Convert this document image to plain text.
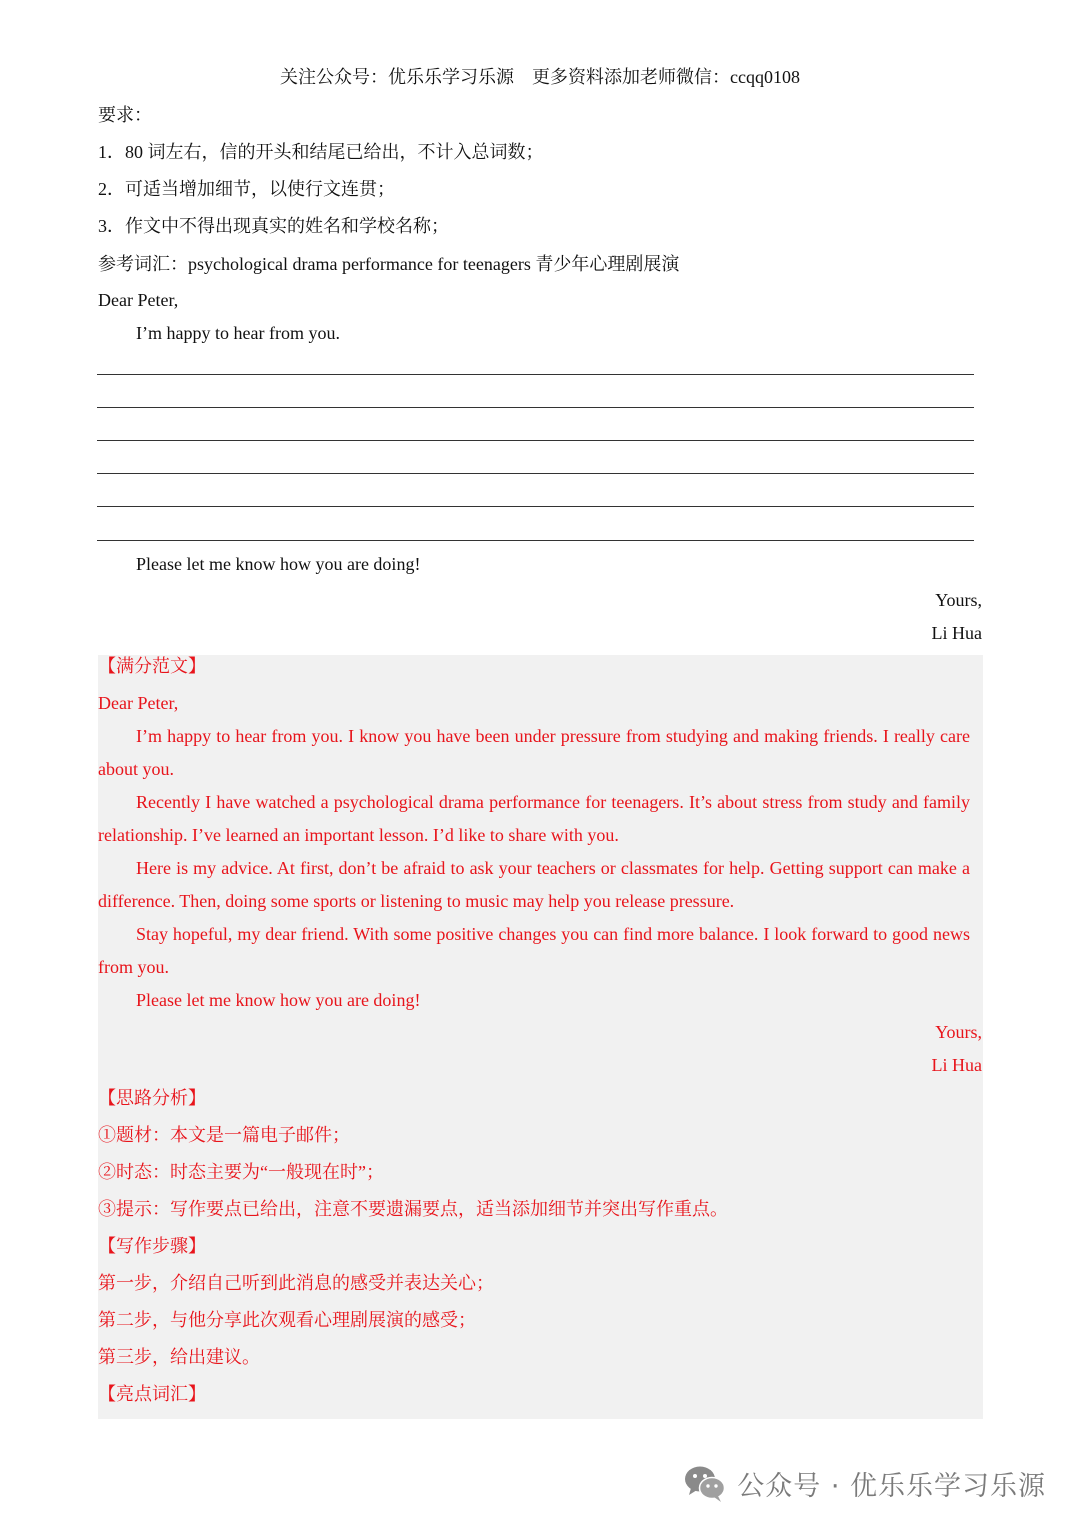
关注公众号：优乐乐学习乐源 更多资料添加老师微信：ccqq0108
要求：
1．80 词左右，信的开头和结尾已给出，不计入总词数；
2．可适当增加细节，以使行文连贯；
3．作文中不得出现真实的姓名和学校名称；
参考词汇：psychological drama performance for teenagers 青少年心理剧展演
Dear Peter,
I’m happy to hear from you.
Please let me know how you are doing!
Yours,
Li Hua
【满分范文】
Dear Peter,
I’m happy to hear from you. I know you have been under pressure from studying and making friends. I really care about you.
Recently I have watched a psychological drama performance for teenagers. It’s about stress from study and family relationship. I’ve learned an important lesson. I’d like to share with you.
Here is my advice. At first, don’t be afraid to ask your teachers or classmates for help. Getting support can make a difference. Then, doing some sports or listening to music may help you release pressure.
Stay hopeful, my dear friend. With some positive changes you can find more balance. I look forward to good news from you.
Please let me know how you are doing!
Yours,
Li Hua
【思路分析】
①题材：本文是一篇电子邮件；
②时态：时态主要为“一般现在时”；
③提示：写作要点已给出，注意不要遗漏要点，适当添加细节并突出写作重点。
【写作步骤】
第一步，介绍自己听到此消息的感受并表达关心；
第二步，与他分享此次观看心理剧展演的感受；
第三步，给出建议。
【亮点词汇】
公众号 · 优乐乐学习乐源
